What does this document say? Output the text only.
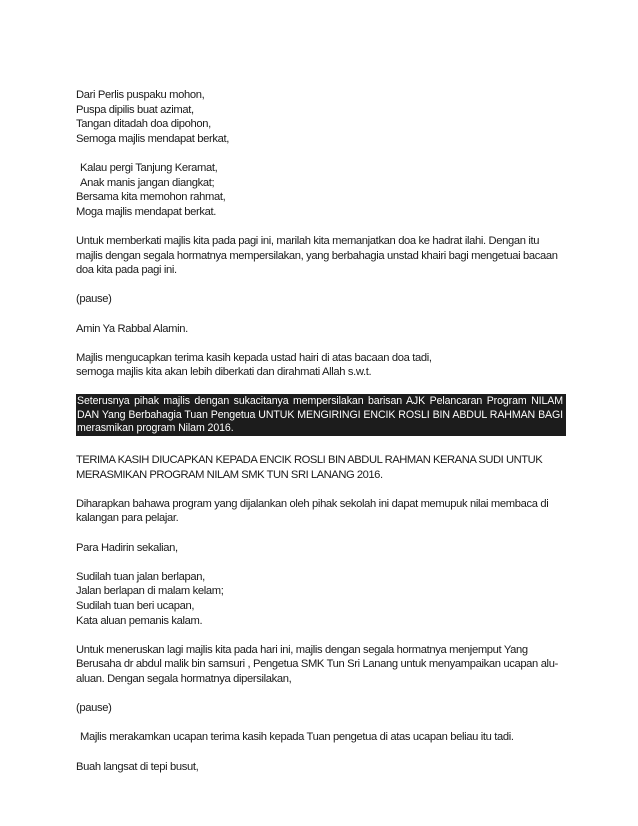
Dari Perlis puspaku mohon,
Puspa dipilis buat azimat,
Tangan ditadah doa dipohon,
Semoga majlis mendapat berkat,
Kalau pergi Tanjung Keramat,
Anak manis jangan diangkat;
Bersama kita memohon rahmat,
Moga majlis mendapat berkat.

Untuk memberkati majlis kita pada pagi ini, marilah kita memanjatkan doa ke hadrat ilahi. Dengan itu majlis dengan segala hormatnya mempersilakan, yang berbahagia unstad khairi bagi mengetuai bacaan doa kita pada pagi ini.

(pause)

Amin Ya Rabbal Alamin.

Majlis mengucapkan terima kasih kepada ustad hairi di atas bacaan doa tadi,
semoga majlis kita akan lebih diberkati dan dirahmati Allah s.w.t.
Seterusnya pihak majlis dengan sukacitanya mempersilakan barisan AJK Pelancaran Program NILAM DAN Yang Berbahagia Tuan Pengetua UNTUK MENGIRINGI ENCIK ROSLI BIN ABDUL RAHMAN BAGI merasmikan program Nilam 2016.

TERIMA KASIH DIUCAPKAN KEPADA ENCIK ROSLI BIN ABDUL RAHMAN KERANA SUDI UNTUK MERASMIKAN PROGRAM NILAM SMK TUN SRI LANANG 2016.

Diharapkan bahawa program yang dijalankan oleh pihak sekolah ini dapat memupuk nilai membaca di kalangan para pelajar.

Para Hadirin sekalian,

Sudilah tuan jalan berlapan,
Jalan berlapan di malam kelam;
Sudilah tuan beri ucapan,
Kata aluan pemanis kalam.

Untuk meneruskan lagi majlis kita pada hari ini, majlis dengan segala hormatnya menjemput Yang Berusaha dr abdul malik bin samsuri , Pengetua SMK Tun Sri Lanang untuk menyampaikan ucapan alu-aluan. Dengan segala hormatnya dipersilakan,

(pause)

Majlis merakamkan ucapan terima kasih kepada Tuan pengetua di atas ucapan beliau itu tadi.

Buah langsat di tepi busut,
